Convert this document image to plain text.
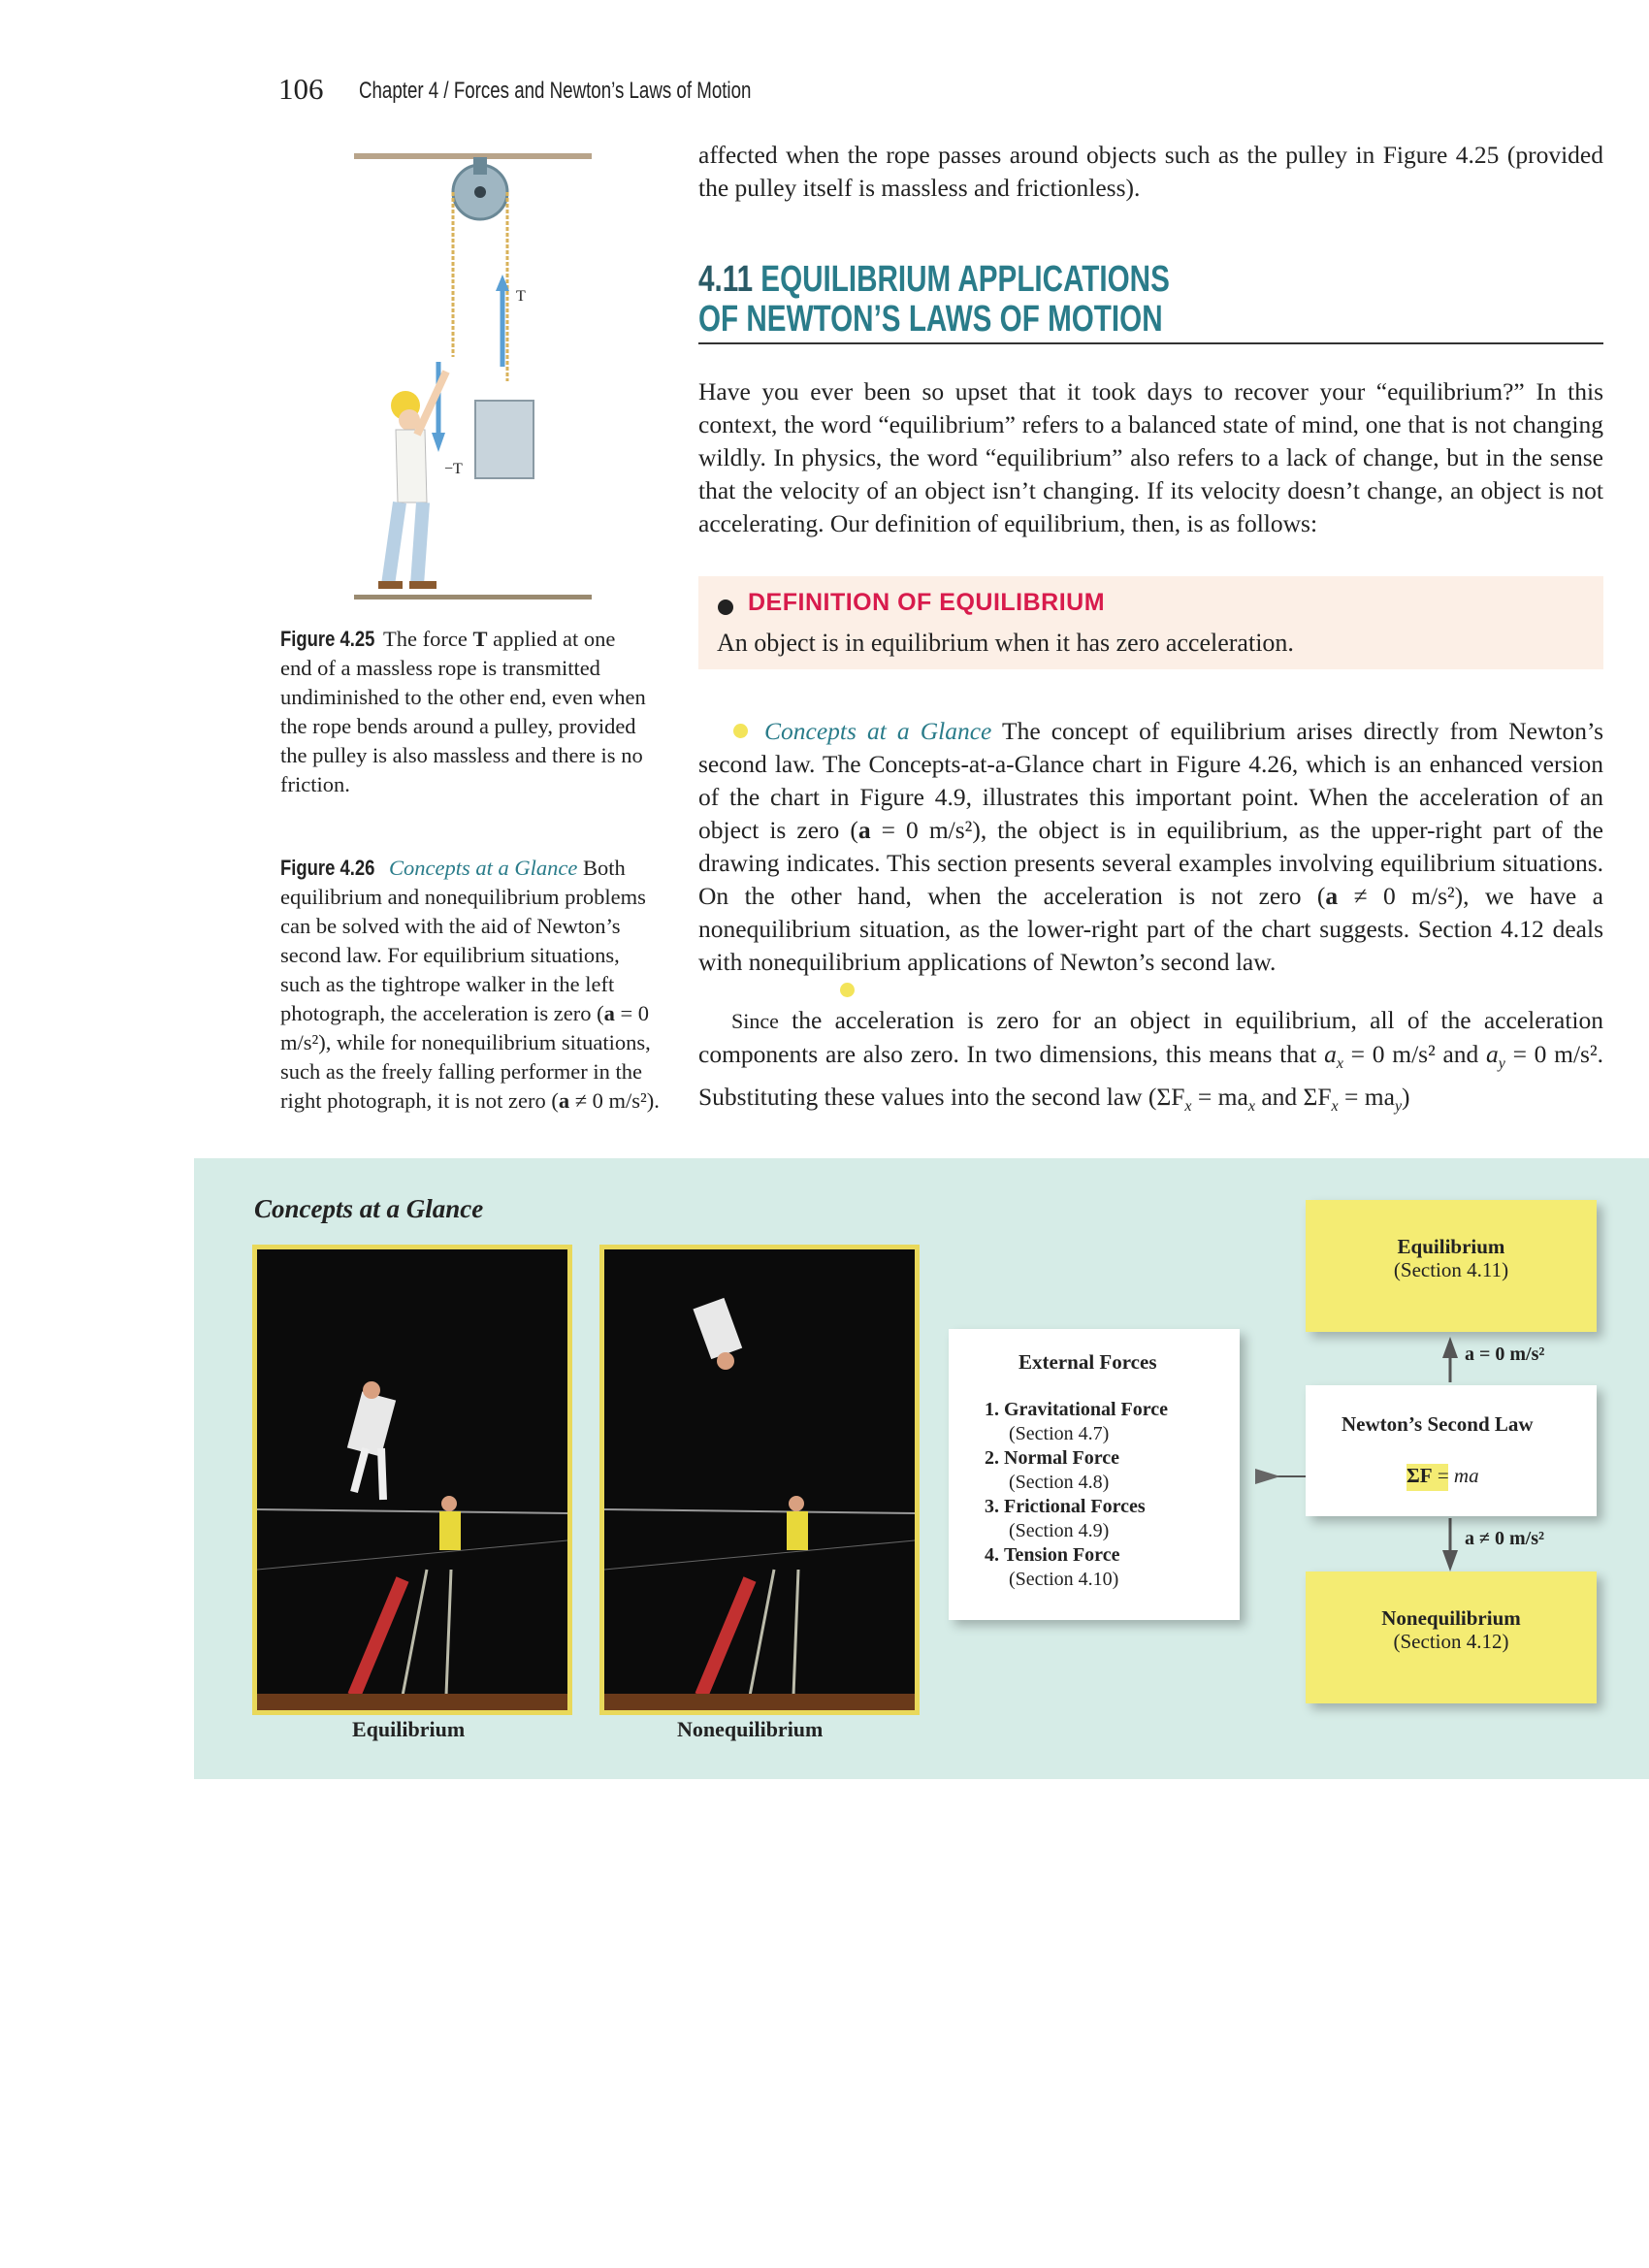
106 Chapter 4 / Forces and Newton’s Laws of Motion
affected when the rope passes around objects such as the pulley in Figure 4.25 (provided the pulley itself is massless and frictionless).
4.11 EQUILIBRIUM APPLICATIONS
OF NEWTON’S LAWS OF MOTION
Have you ever been so upset that it took days to recover your “equilibrium?” In this context, the word “equilibrium” refers to a balanced state of mind, one that is not changing wildly. In physics, the word “equilibrium” also refers to a lack of change, but in the sense that the velocity of an object isn’t changing. If its velocity doesn’t change, an object is not accelerating. Our definition of equilibrium, then, is as follows:
DEFINITION OF EQUILIBRIUM
An object is in equilibrium when it has zero acceleration.
Concepts at a Glance The concept of equilibrium arises directly from Newton’s second law. The Concepts-at-a-Glance chart in Figure 4.26, which is an enhanced version of the chart in Figure 4.9, illustrates this important point. When the acceleration of an object is zero (a = 0 m/s²), the object is in equilibrium, as the upper-right part of the drawing indicates. This section presents several examples involving equilibrium situations. On the other hand, when the acceleration is not zero (a ≠ 0 m/s²), we have a nonequilibrium situation, as the lower-right part of the chart suggests. Section 4.12 deals with nonequilibrium applications of Newton’s second law.
Since the acceleration is zero for an object in equilibrium, all of the acceleration components are also zero. In two dimensions, this means that $a_x = 0$ m/s² and $a_y = 0$ m/s². Substituting these values into the second law ($\Sigma F_x = ma_x$ and $\Sigma F_x = ma_y$)
T
−T
Figure 4.25 The force T applied at one end of a massless rope is transmitted undiminished to the other end, even when the rope bends around a pulley, provided the pulley is also massless and there is no friction.
Figure 4.26 Concepts at a Glance Both equilibrium and nonequilibrium problems can be solved with the aid of Newton’s second law. For equilibrium situations, such as the tightrope walker in the left photograph, the acceleration is zero (a = 0 m/s²), while for nonequilibrium situations, such as the freely falling performer in the right photograph, it is not zero (a ≠ 0 m/s²).
Concepts at a Glance
Equilibrium	Nonequilibrium
External Forces
1. Gravitational Force
(Section 4.7)
2. Normal Force
(Section 4.8)
3. Frictional Forces
(Section 4.9)
4. Tension Force
(Section 4.10)
Newton’s Second Law
ΣF = ma
a = 0 m/s²
a ≠ 0 m/s²
Equilibrium
(Section 4.11)
Nonequilibrium
(Section 4.12)
